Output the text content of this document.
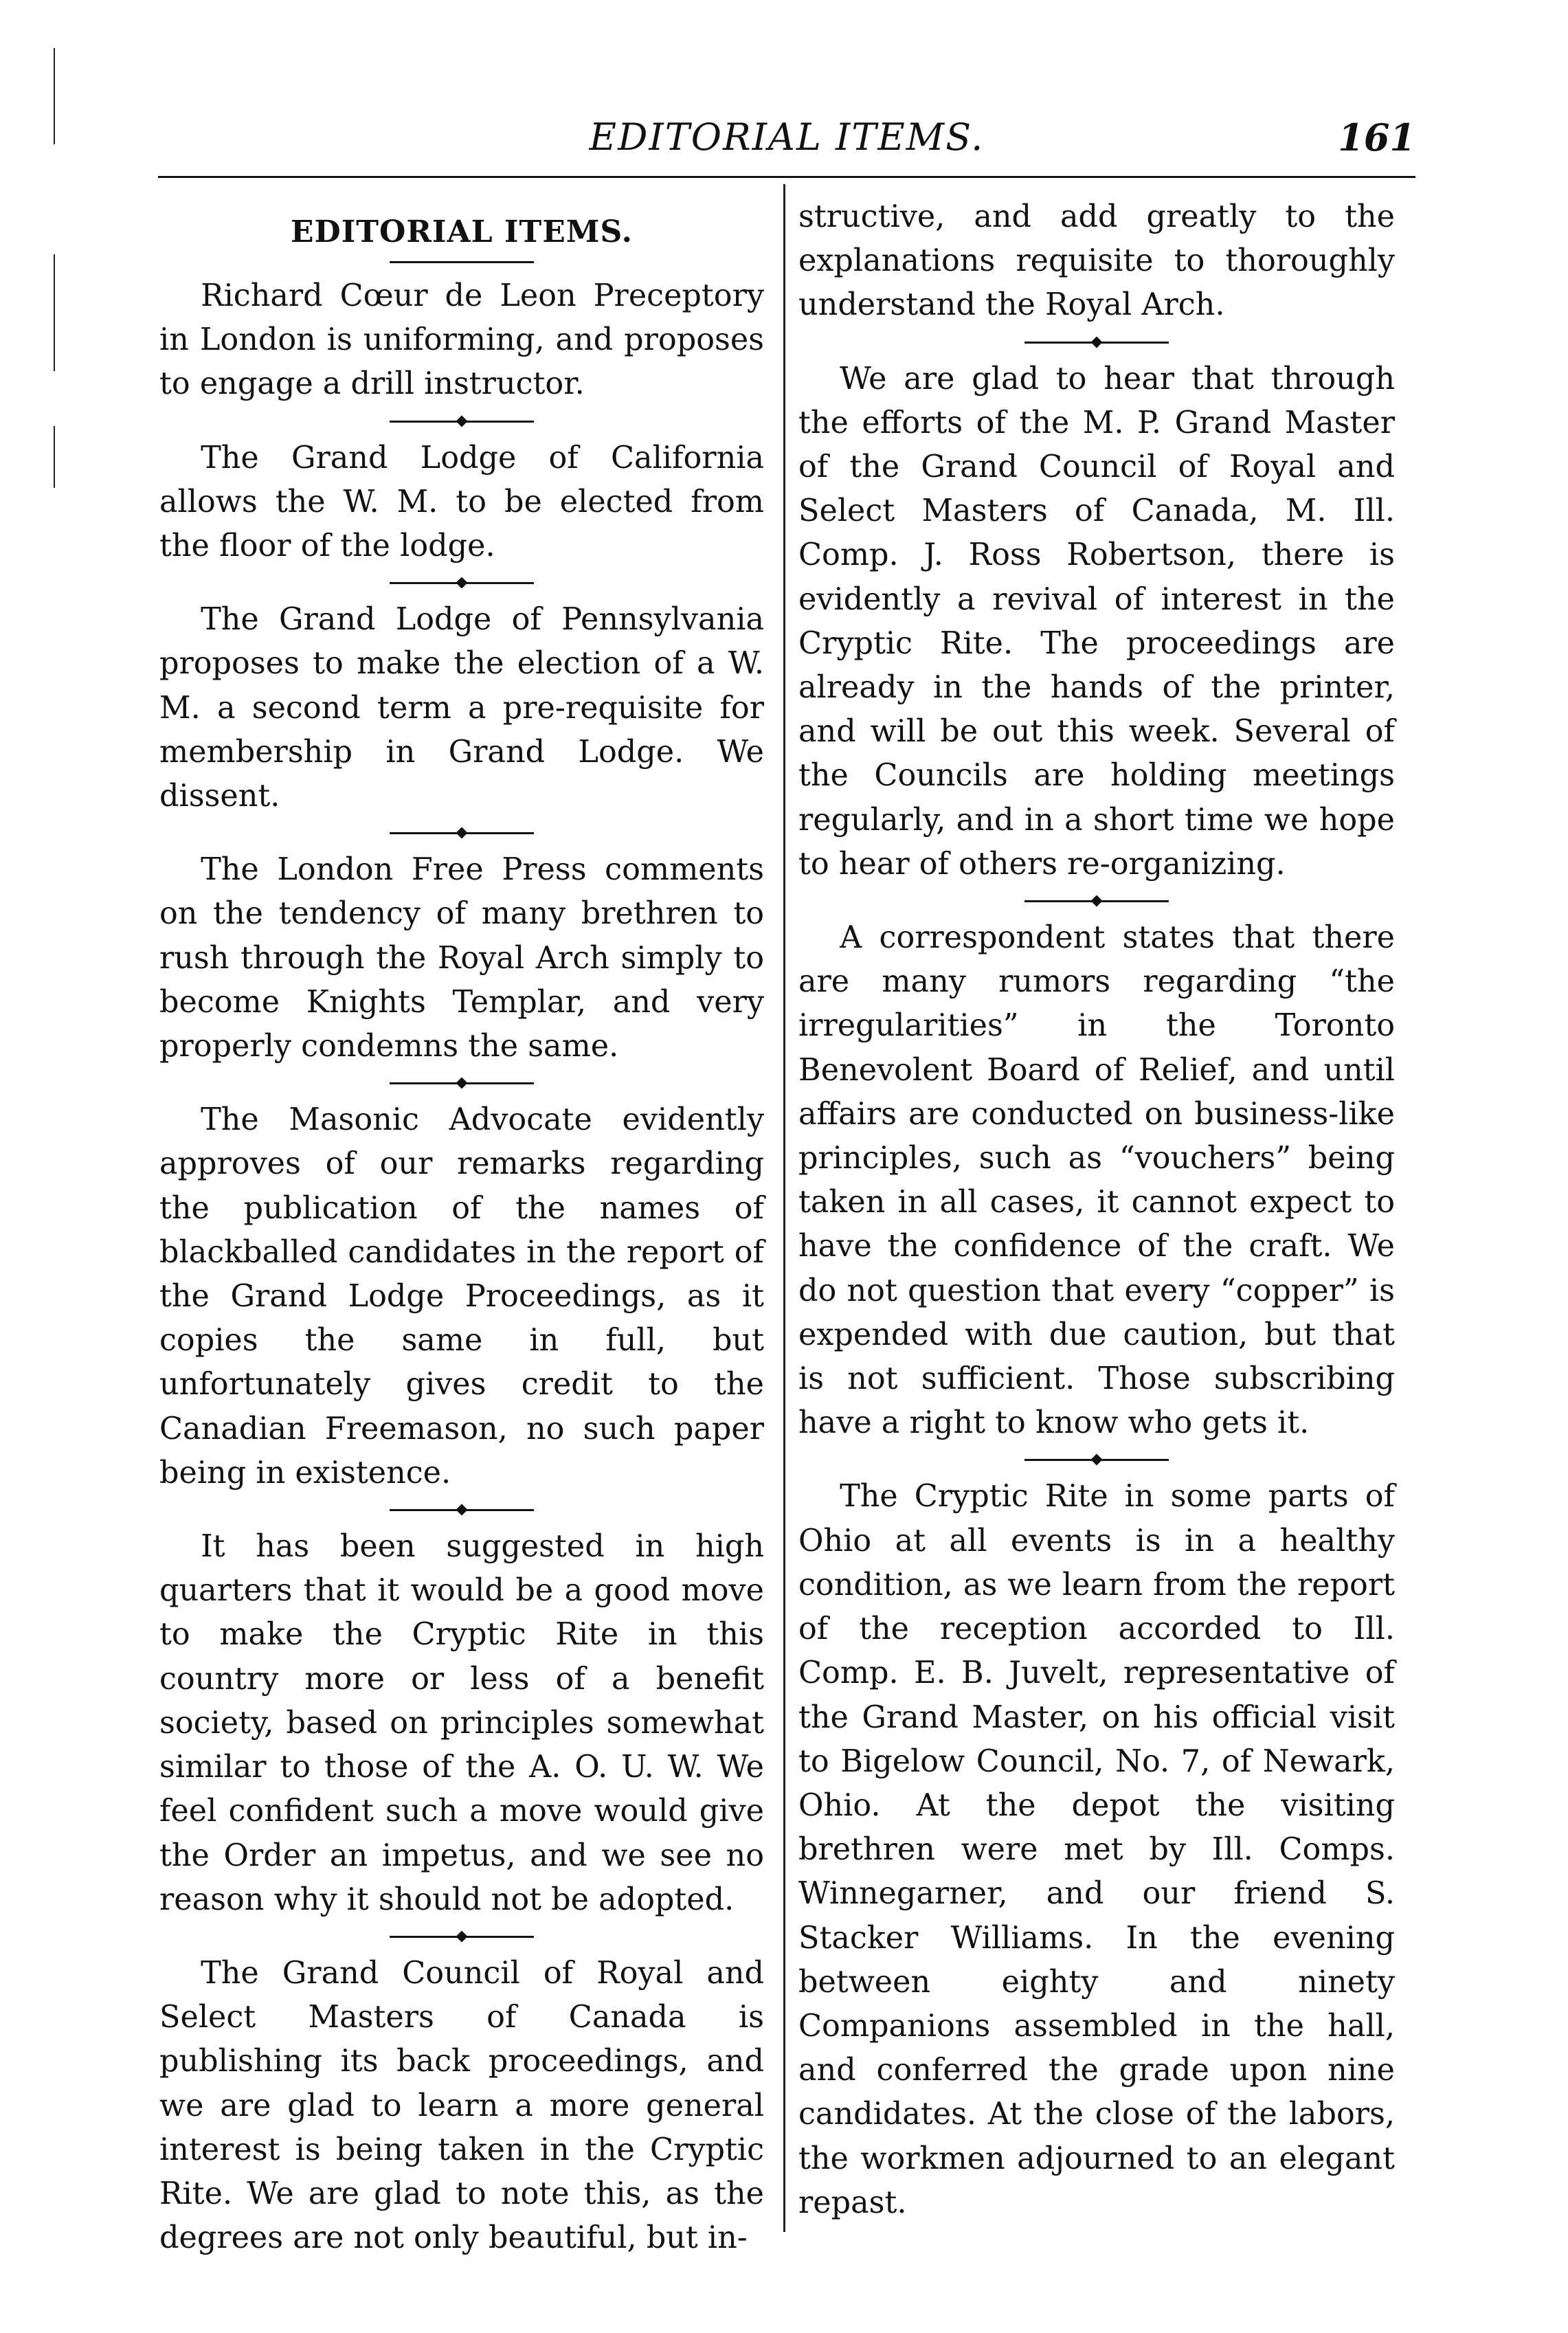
EDITORIAL ITEMS.	161
EDITORIAL ITEMS.

Richard Cœur de Leon Preceptory in London is uniforming, and proposes to engage a drill instructor.

The Grand Lodge of California allows the W. M. to be elected from the floor of the lodge.

The Grand Lodge of Pennsylvania proposes to make the election of a W. M. a second term a pre-requisite for membership in Grand Lodge. We dissent.

The London Free Press comments on the tendency of many brethren to rush through the Royal Arch simply to become Knights Templar, and very properly condemns the same.

The Masonic Advocate evidently approves of our remarks regarding the publication of the names of blackballed candidates in the report of the Grand Lodge Proceedings, as it copies the same in full, but unfortunately gives credit to the Canadian Freemason, no such paper being in existence.

It has been suggested in high quarters that it would be a good move to make the Cryptic Rite in this country more or less of a benefit society, based on principles somewhat similar to those of the A. O. U. W. We feel confident such a move would give the Order an impetus, and we see no reason why it should not be adopted.

The Grand Council of Royal and Select Masters of Canada is publishing its back proceedings, and we are glad to learn a more general interest is being taken in the Cryptic Rite. We are glad to note this, as the degrees are not only beautiful, but in-

structive, and add greatly to the explanations requisite to thoroughly understand the Royal Arch.

We are glad to hear that through the efforts of the M. P. Grand Master of the Grand Council of Royal and Select Masters of Canada, M. Ill. Comp. J. Ross Robertson, there is evidently a revival of interest in the Cryptic Rite. The proceedings are already in the hands of the printer, and will be out this week. Several of the Councils are holding meetings regularly, and in a short time we hope to hear of others re-organizing.

A correspondent states that there are many rumors regarding “the irregularities” in the Toronto Benevolent Board of Relief, and until affairs are conducted on business-like principles, such as “vouchers” being taken in all cases, it cannot expect to have the confidence of the craft. We do not question that every “copper” is expended with due caution, but that is not sufficient. Those subscribing have a right to know who gets it.

The Cryptic Rite in some parts of Ohio at all events is in a healthy condition, as we learn from the report of the reception accorded to Ill. Comp. E. B. Juvelt, representative of the Grand Master, on his official visit to Bigelow Council, No. 7, of Newark, Ohio. At the depot the visiting brethren were met by Ill. Comps. Winnegarner, and our friend S. Stacker Williams. In the evening between eighty and ninety Companions assembled in the hall, and conferred the grade upon nine candidates. At the close of the labors, the workmen adjourned to an elegant repast.
